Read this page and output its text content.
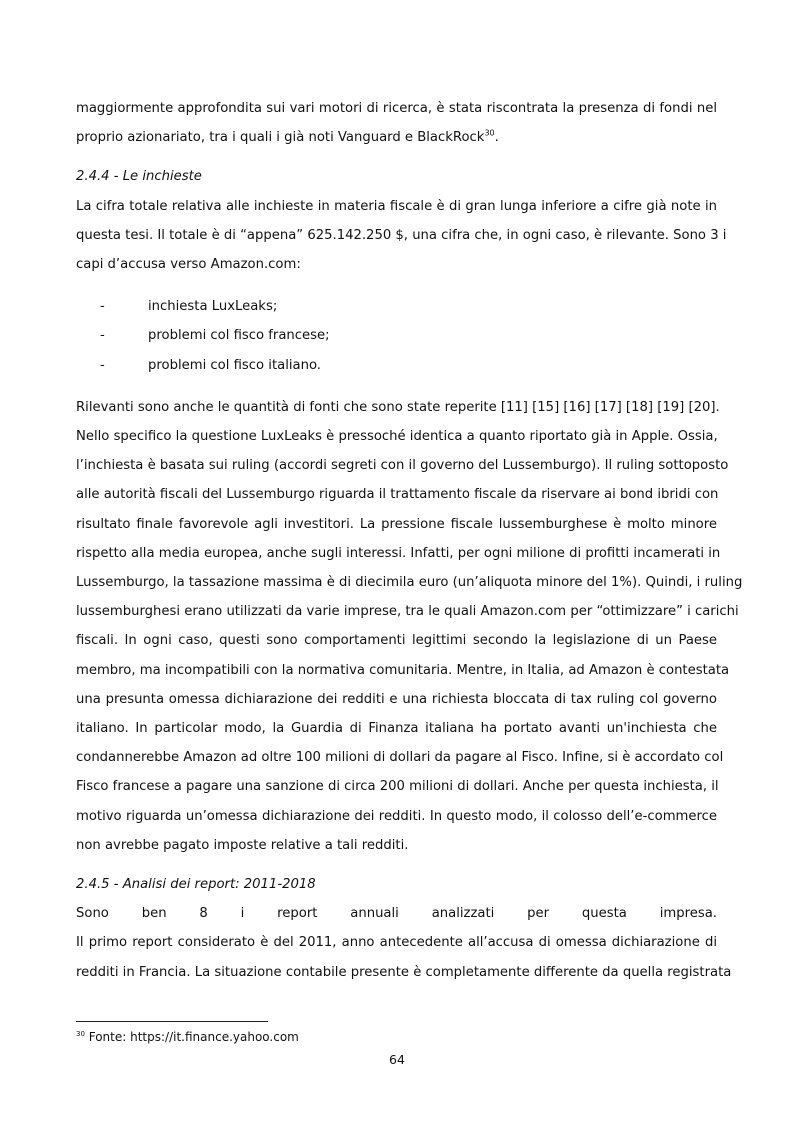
maggiormente approfondita sui vari motori di ricerca, è stata riscontrata la presenza di fondi nel
proprio azionariato, tra i quali i già noti Vanguard e BlackRock$^{30}$.
2.4.4 - Le inchieste
La cifra totale relativa alle inchieste in materia fiscale è di gran lunga inferiore a cifre già note in
questa tesi. Il totale è di “appena” 625.142.250 $, una cifra che, in ogni caso, è rilevante. Sono 3 i
capi d’accusa verso Amazon.com:
-	inchiesta LuxLeaks;
-	problemi col fisco francese;
-	problemi col fisco italiano.
Rilevanti sono anche le quantità di fonti che sono state reperite [11] [15] [16] [17] [18] [19] [20].
Nello specifico la questione LuxLeaks è pressoché identica a quanto riportato già in Apple. Ossia,
l’inchiesta è basata sui ruling (accordi segreti con il governo del Lussemburgo). Il ruling sottoposto
alle autorità fiscali del Lussemburgo riguarda il trattamento fiscale da riservare ai bond ibridi con
risultato finale favorevole agli investitori. La pressione fiscale lussemburghese è molto minore
rispetto alla media europea, anche sugli interessi. Infatti, per ogni milione di profitti incamerati in
Lussemburgo, la tassazione massima è di diecimila euro (un’aliquota minore del 1%). Quindi, i ruling
lussemburghesi erano utilizzati da varie imprese, tra le quali Amazon.com per “ottimizzare” i carichi
fiscali. In ogni caso, questi sono comportamenti legittimi secondo la legislazione di un Paese
membro, ma incompatibili con la normativa comunitaria. Mentre, in Italia, ad Amazon è contestata
una presunta omessa dichiarazione dei redditi e una richiesta bloccata di tax ruling col governo
italiano. In particolar modo, la Guardia di Finanza italiana ha portato avanti un'inchiesta che
condannerebbe Amazon ad oltre 100 milioni di dollari da pagare al Fisco. Infine, si è accordato col
Fisco francese a pagare una sanzione di circa 200 milioni di dollari. Anche per questa inchiesta, il
motivo riguarda un’omessa dichiarazione dei redditi. In questo modo, il colosso dell’e-commerce
non avrebbe pagato imposte relative a tali redditi.
2.4.5 - Analisi dei report: 2011-2018
Sono ben 8 i report annuali analizzati per questa impresa.
Il primo report considerato è del 2011, anno antecedente all’accusa di omessa dichiarazione di
redditi in Francia. La situazione contabile presente è completamente differente da quella registrata
$^{30}$ Fonte: https://it.finance.yahoo.com
64
